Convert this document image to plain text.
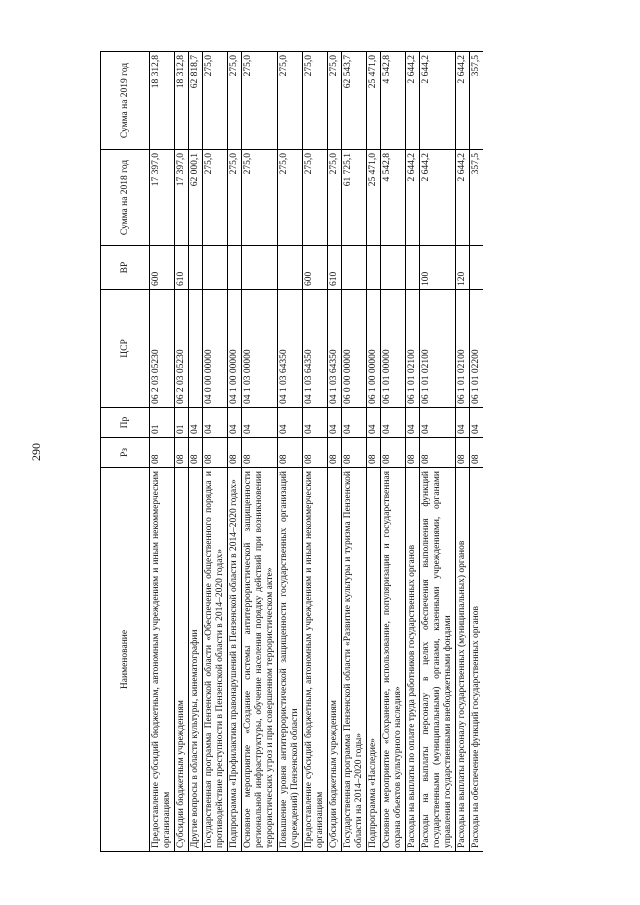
290
Наименование	Рз	Пр	ЦСР	ВР	Сумма на 2018 год	Сумма на 2019 год
Предоставление субсидий бюджетным, автономным учреждениям и иным некоммерческим организациям	08	01	06 2 03 05230	600	17 397,0	18 312,8
Субсидии бюджетным учреждениям	08	01	06 2 03 05230	610	17 397,0	18 312,8
Другие вопросы в области культуры, кинематографии	08	04			62 000,1	62 818,7
Государственная программа Пензенской области «Обеспечение общественного порядка и противодействие преступности в Пензенской области в 2014–2020 годах»	08	04	04 0 00 00000		275,0	275,0
Подпрограмма «Профилактика правонарушений в Пензенской области в 2014–2020 годах»	08	04	04 1 00 00000		275,0	275,0
Основное мероприятие «Создание системы антитеррористической защищенности региональной инфраструктуры, обучение населения порядку действий при возникновении террористических угроз и при совершенном террористическом акте»	08	04	04 1 03 00000		275,0	275,0
Повышение уровня антитеррористической защищенности государственных организаций (учреждений) Пензенской области	08	04	04 1 03 64350		275,0	275,0
Предоставление субсидий бюджетным, автономным учреждениям и иным некоммерческим организациям	08	04	04 1 03 64350	600	275,0	275,0
Субсидии бюджетным учреждениям	08	04	04 1 03 64350	610	275,0	275,0
Государственная программа Пензенской области «Развитие культуры и туризма Пензенской области на 2014–2020 годы»	08	04	06 0 00 00000		61 725,1	62 543,7
Подпрограмма «Наследие»	08	04	06 1 00 00000		25 471,0	25 471,0
Основное мероприятие «Сохранение, использование, популяризация и государственная охрана объектов культурного наследия»	08	04	06 1 01 00000		4 542,8	4 542,8
Расходы на выплаты по оплате труда работников государственных органов	08	04	06 1 01 02100		2 644,2	2 644,2
Расходы на выплаты персоналу в целях обеспечения выполнения функций государственными (муниципальными) органами, казенными учреждениями, органами управления государственными внебюджетными фондами	08	04	06 1 01 02100	100	2 644,2	2 644,2
Расходы на выплаты персоналу государственных (муниципальных) органов	08	04	06 1 01 02100	120	2 644,2	2 644,2
Расходы на обеспечение функций государственных органов	08	04	06 1 01 02200		357,5	357,5
